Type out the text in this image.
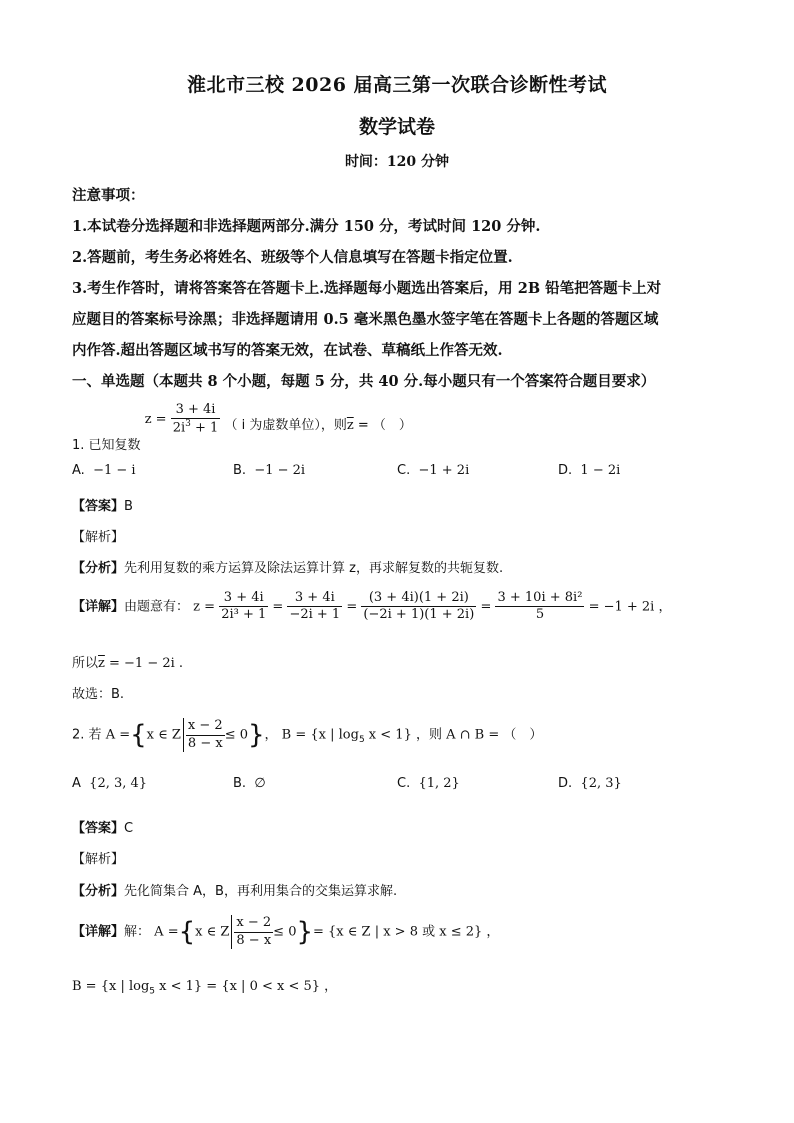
淮北市三校 2026 届高三第一次联合诊断性考试
数学试卷
时间：120 分钟
注意事项：
1.本试卷分选择题和非选择题两部分.满分 150 分，考试时间 120 分钟.
2.答题前，考生务必将姓名、班级等个人信息填写在答题卡指定位置.
3.考生作答时，请将答案答在答题卡上.选择题每小题选出答案后，用 2B 铅笔把答题卡上对
应题目的答案标号涂黑；非选择题请用 0.5 毫米黑色墨水签字笔在答题卡上各题的答题区域
内作答.超出答题区域书写的答案无效，在试卷、草稿纸上作答无效.
一、单选题（本题共 8 个小题，每题 5 分，共 40 分.每小题只有一个答案符合题目要求）
1. 已知复数 $z = \frac{3 + 4i}{2i^3 + 1}$ （ i 为虚数单位），则$\overline{z}$ = （　）
A. −1 − i	B. −1 − 2i	C. −1 + 2i	D. 1 − 2i
【答案】B
【解析】
【分析】先利用复数的乘方运算及除法运算计算 z，再求解复数的共轭复数.
【详解】由题意有： $z = \frac{3 + 4i}{\text{2i³ + 1}} = \frac{3 + 4i}{-2i + 1} = \frac{(3 + 4i)(1 + 2i)}{(-2i + 1)(1 + 2i)} = \frac{\text{3 + 10i + 8i²}}{5} = -1 + 2i$ ，
所以$\overline{z} = -1 - 2i$ .
故选：B.
2. 若 A ={x ∈ Z $\frac{x - 2}{8 - x} \le 0$}， B = {x | $\log_5 x < 1$} ，则 A ∩ B = （　）
A {2, 3, 4}	B. ∅	C. {1, 2}	D. {2, 3}
【答案】C
【解析】
【分析】先化简集合 A，B，再利用集合的交集运算求解.
【详解】解： A ={x ∈ Z $\frac{x - 2}{8 - x} \le 0\}= \{x$ ∈ Z | x > 8 或 x ≤ 2} ，
B = {x | $\log_5 x < 1\} = \{x$ | 0 < x < 5} ，
